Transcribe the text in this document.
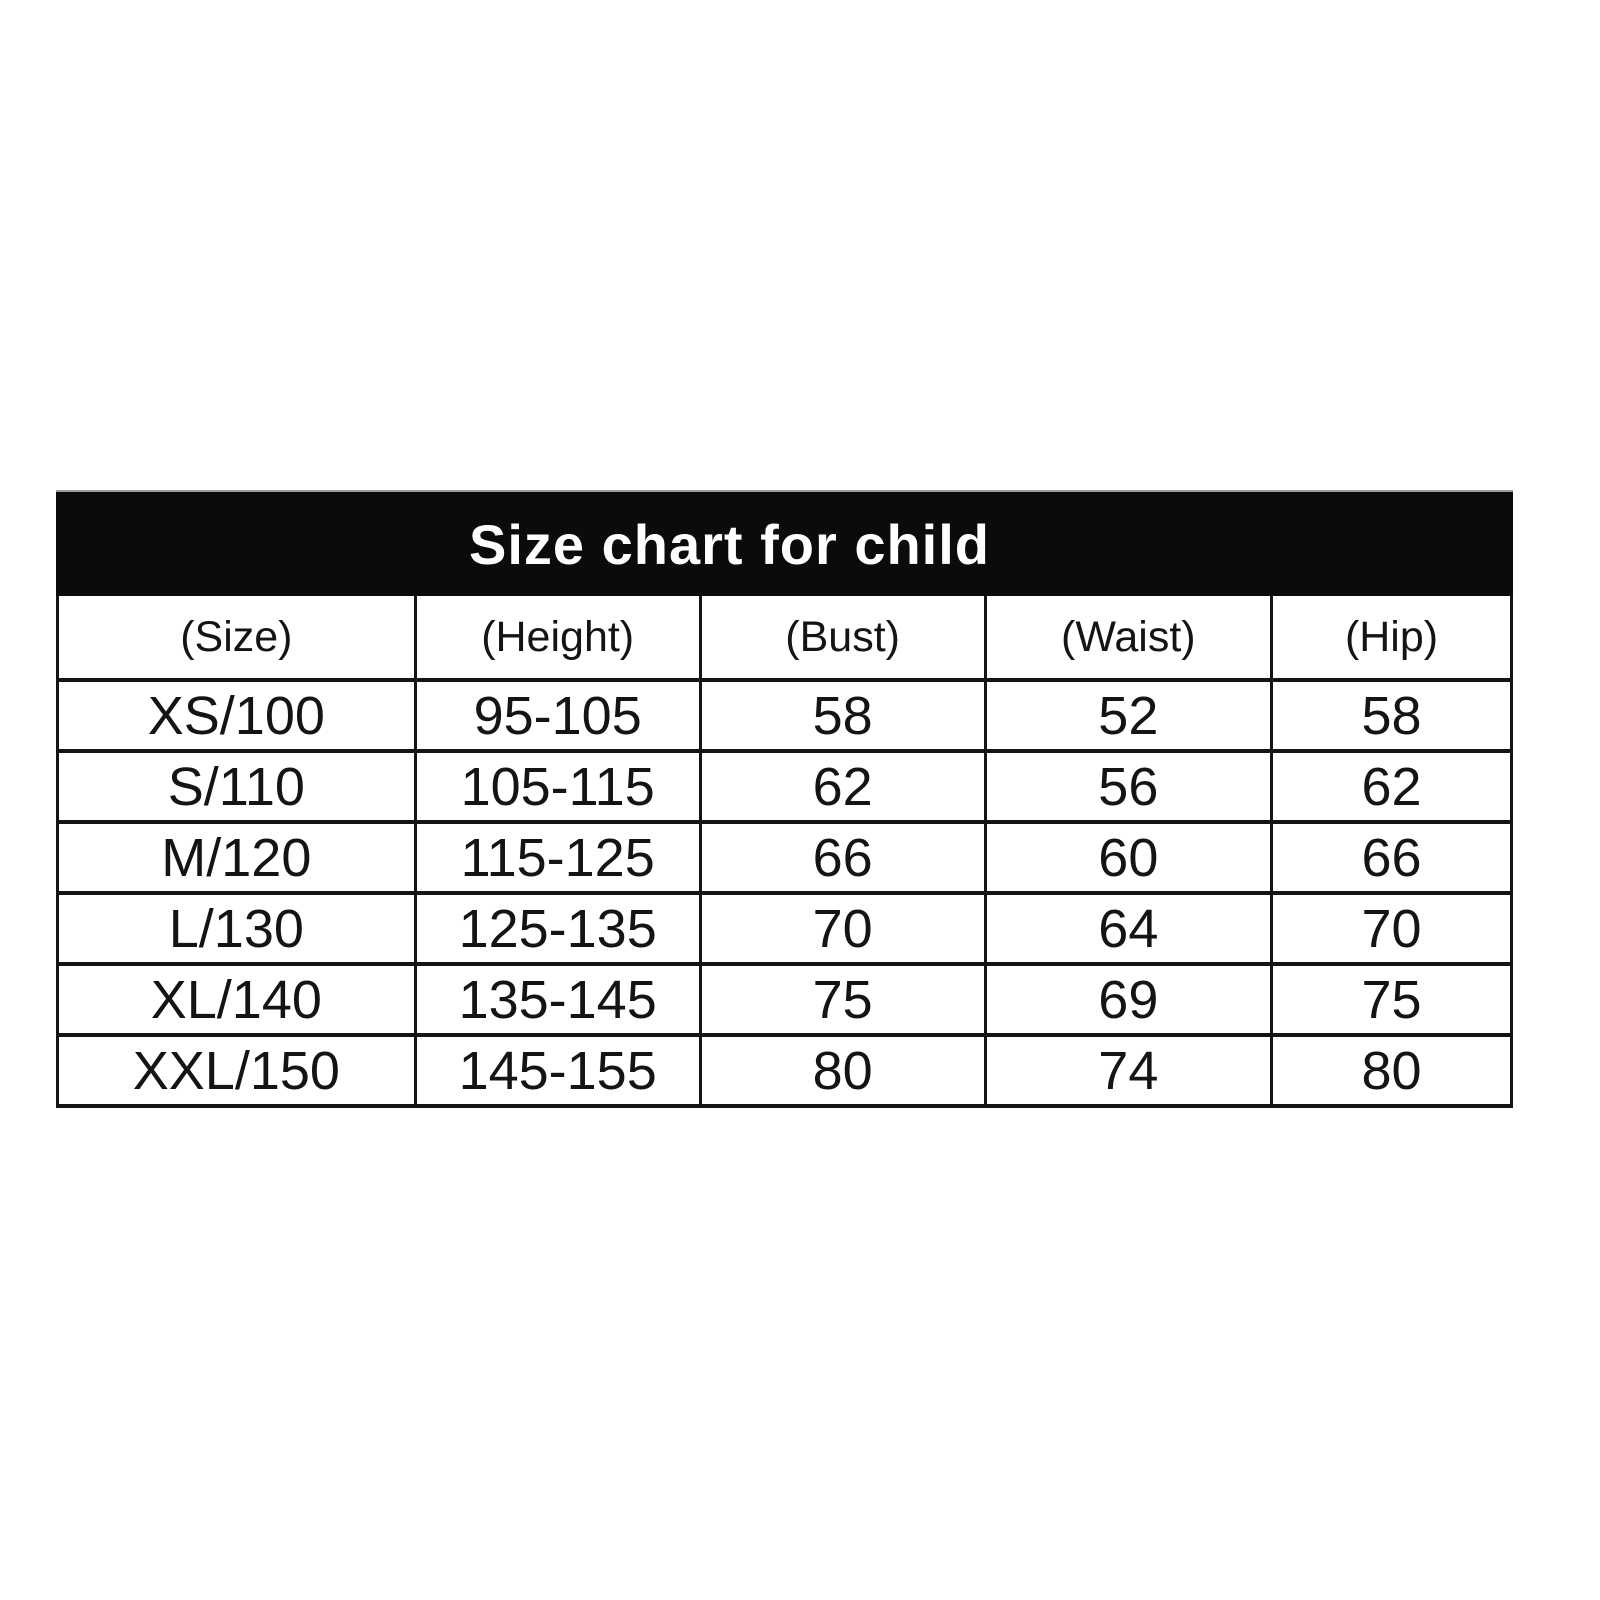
Size chart for child
(Size)	(Height)	(Bust)	(Waist)	(Hip)
XS/100	95-105	58	52	58
S/110	105-115	62	56	62
M/120	115-125	66	60	66
L/130	125-135	70	64	70
XL/140	135-145	75	69	75
XXL/150	145-155	80	74	80
